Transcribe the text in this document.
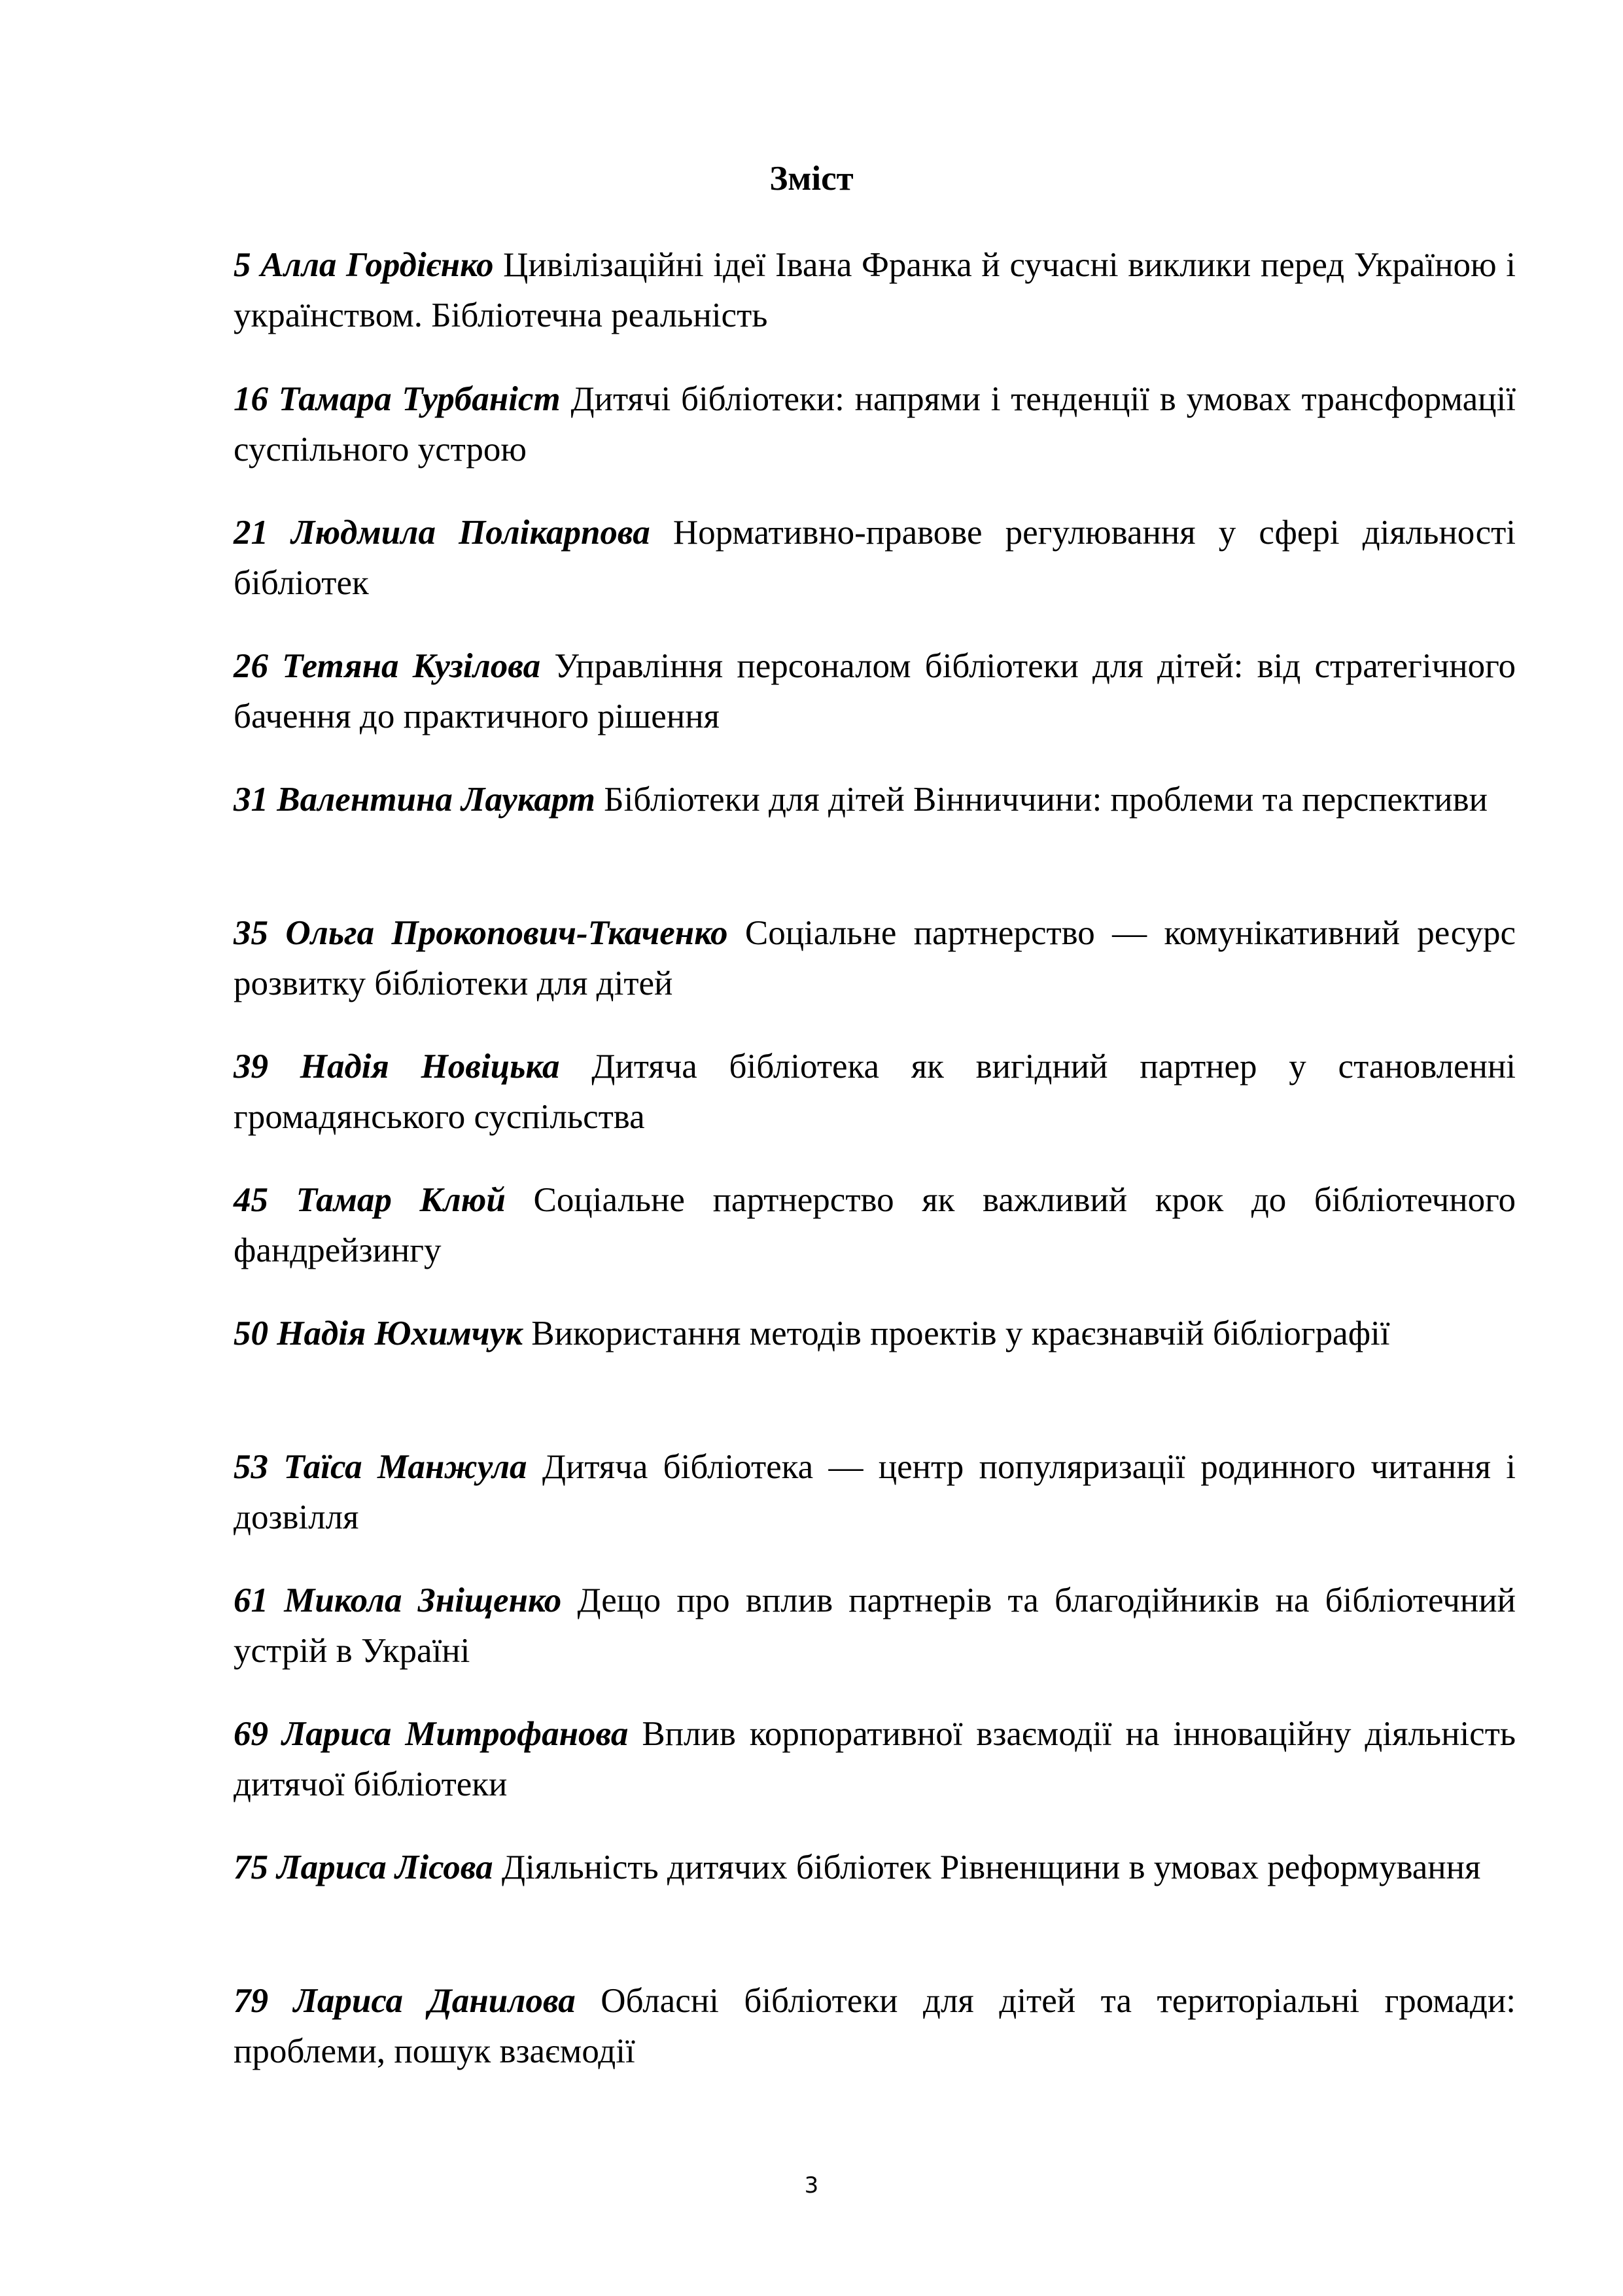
Зміст

5 Алла Гордієнко Цивілізаційні ідеї Івана Франка й сучасні виклики перед Україною і українством. Бібліотечна реальність

16 Тамара Турбаніст Дитячі бібліотеки: напрями і тенденції в умовах трансформації суспільного устрою

21 Людмила Полікарпова Нормативно-правове регулювання у сфері діяльності бібліотек

26 Тетяна Кузілова Управління персоналом бібліотеки для дітей: від стратегічного бачення до практичного рішення

31 Валентина Лаукарт Бібліотеки для дітей Вінниччини: проблеми та перспективи

35 Ольга Прокопович-Ткаченко Соціальне партнерство — комунікативний ресурс розвитку бібліотеки для дітей

39 Надія Новіцька Дитяча бібліотека як вигідний партнер у становленні громадянського суспільства

45 Тамар Клюй Соціальне партнерство як важливий крок до бібліотечного фандрейзингу

50 Надія Юхимчук Використання методів проектів у краєзнавчій бібліографії

53 Таїса Манжула Дитяча бібліотека — центр популяризації родинного читання і дозвілля

61 Микола Зніщенко Дещо про вплив партнерів та благодійників на бібліотечний устрій в Україні

69 Лариса Митрофанова Вплив корпоративної взаємодії на інноваційну діяльність дитячої бібліотеки

75 Лариса Лісова Діяльність дитячих бібліотек Рівненщини в умовах реформування

79 Лариса Данилова Обласні бібліотеки для дітей та територіальні громади: проблеми, пошук взаємодії

3
